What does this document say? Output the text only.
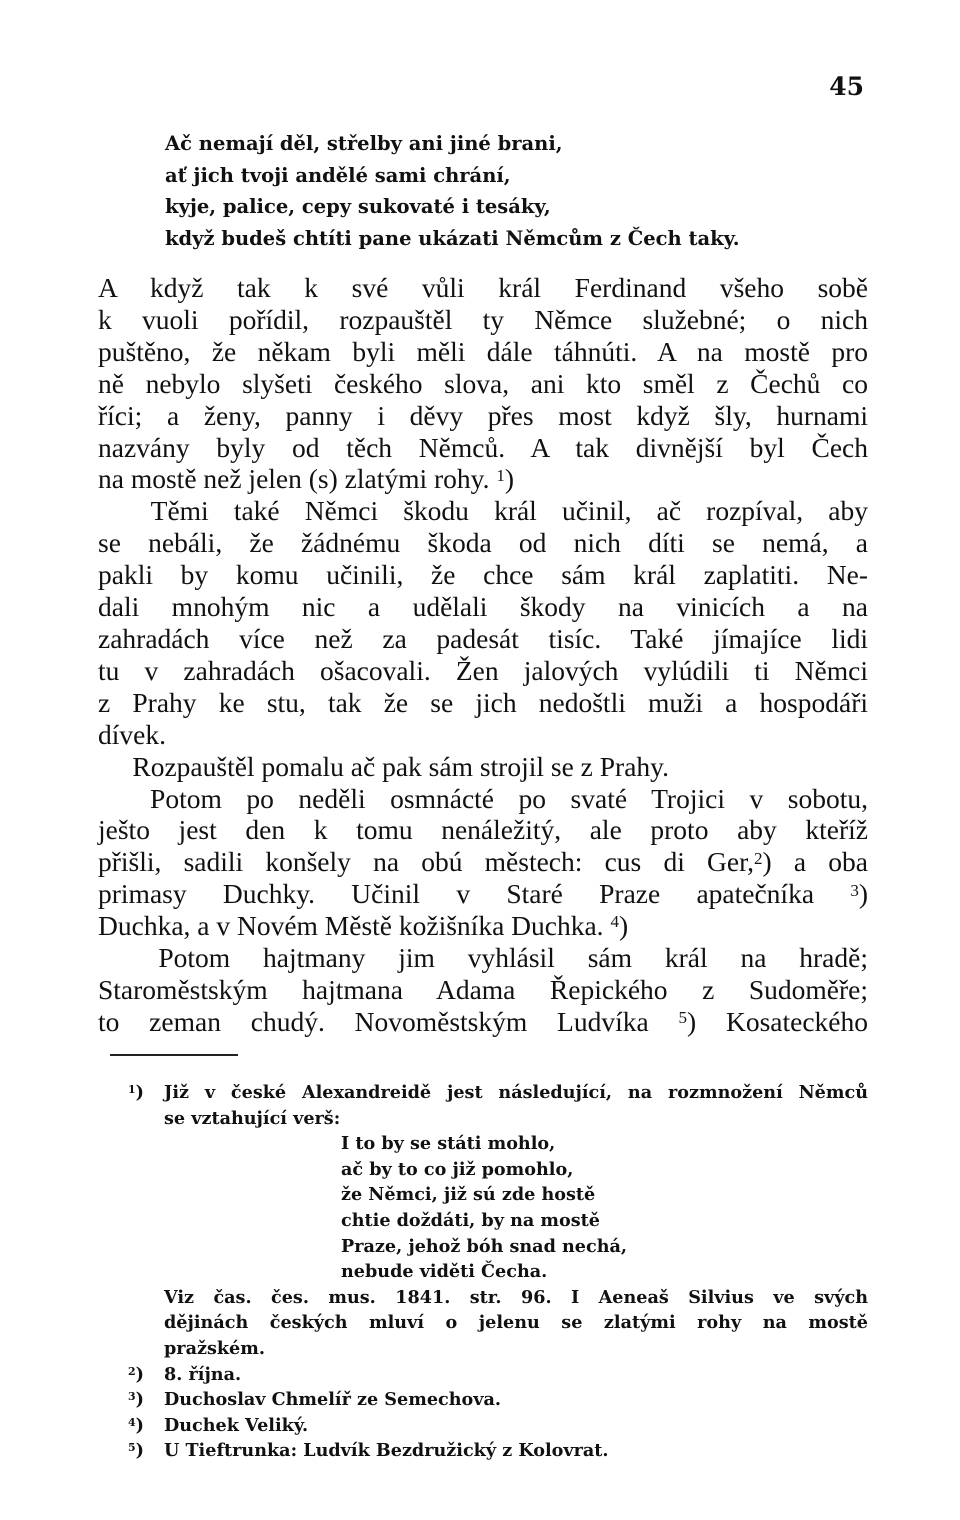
45
Ač nemají děl, střelby ani jiné brani,
ať jich tvoji andělé sami chrání,
kyje, palice, cepy sukovaté i tesáky,
když budeš chtíti pane ukázati Němcům z Čech taky.
A když tak k své vůli král Ferdinand všeho sobě
k vuoli pořídil, rozpauštěl ty Němce služebné; o nich
puštěno, že někam byli měli dále táhnúti. A na mostě pro
ně nebylo slyšeti českého slova, ani kto směl z Čechů co
říci; a ženy, panny i děvy přes most když šly, hurnami
nazvány byly od těch Němců. A tak divnější byl Čech
na mostě než jelen (s) zlatými rohy. $^1$)
  Těmi také Němci škodu král učinil, ač rozpíval, aby
se nebáli, že žádnému škoda od nich díti se nemá, a
pakli by komu učinili, že chce sám král zaplatiti. Ne-
dali mnohým nic a udělali škody na vinicích a na
zahradách více než za padesát tisíc. Také jímajíce lidi
tu v zahradách ošacovali. Žen jalových vylúdili ti Němci
z Prahy ke stu, tak že se jich nedoštli muži a hospodáři
dívek.
  Rozpauštěl pomalu ač pak sám strojil se z Prahy.
  Potom po neděli osmnácté po svaté Trojici v sobotu,
ješto jest den k tomu nenáležitý, ale proto aby kteříž
přišli, sadili konšely na obú městech: cus di Ger,$^2$) a oba
primasy Duchky. Učinil v Staré Praze apatečníka $^3$)
Duchka, a v Novém Městě kožišníka Duchka. $^4$)
  Potom hajtmany jim vyhlásil sám král na hradě;
Staroměstským hajtmana Adama Řepického z Sudoměře;
to zeman chudý. Novoměstským Ludvíka $^5$) Kosateckého
$^1$) Již v české Alexandreidě jest následující, na rozmnožení Němců
se vztahující verš:
I to by se státi mohlo,
ač by to co již pomohlo,
že Němci, již sú zde hostě
chtie doždáti, by na mostě
Praze, jehož bóh snad nechá,
nebude viděti Čecha.
Viz čas. čes. mus. 1841. str. 96. I Aeneaš Silvius ve svých
dějinách českých mluví o jelenu se zlatými rohy na mostě
pražském.
$^2$) 8. října.
$^3$) Duchoslav Chmelíř ze Semechova.
$^4$) Duchek Veliký.
$^5$) U Tieftrunka: Ludvík Bezdružický z Kolovrat.
